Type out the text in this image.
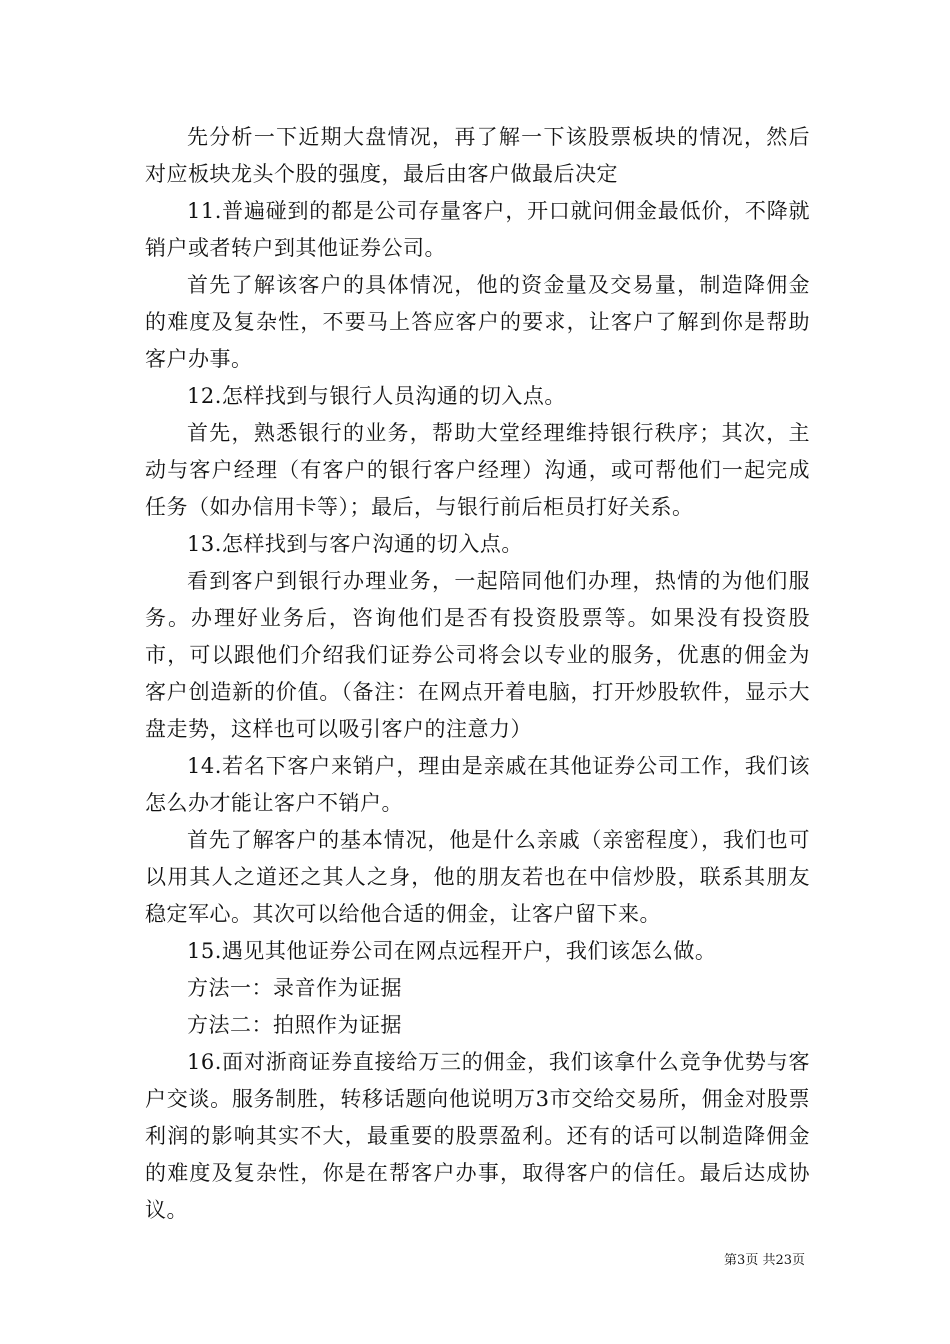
先分析一下近期大盘情况，再了解一下该股票板块的情况，然后对应板块龙头个股的强度，最后由客户做最后决定

11.普遍碰到的都是公司存量客户，开口就问佣金最低价，不降就销户或者转户到其他证券公司。

首先了解该客户的具体情况，他的资金量及交易量，制造降佣金的难度及复杂性，不要马上答应客户的要求，让客户了解到你是帮助客户办事。

12.怎样找到与银行人员沟通的切入点。

首先，熟悉银行的业务，帮助大堂经理维持银行秩序；其次，主动与客户经理（有客户的银行客户经理）沟通，或可帮他们一起完成任务（如办信用卡等）；最后，与银行前后柜员打好关系。

13.怎样找到与客户沟通的切入点。

看到客户到银行办理业务，一起陪同他们办理，热情的为他们服务。办理好业务后，咨询他们是否有投资股票等。如果没有投资股市，可以跟他们介绍我们证券公司将会以专业的服务，优惠的佣金为客户创造新的价值。（备注：在网点开着电脑，打开炒股软件，显示大盘走势，这样也可以吸引客户的注意力）

14.若名下客户来销户，理由是亲戚在其他证券公司工作，我们该怎么办才能让客户不销户。

首先了解客户的基本情况，他是什么亲戚（亲密程度），我们也可以用其人之道还之其人之身，他的朋友若也在中信炒股，联系其朋友稳定军心。其次可以给他合适的佣金，让客户留下来。

15.遇见其他证券公司在网点远程开户，我们该怎么做。

方法一：录音作为证据

方法二：拍照作为证据

16.面对浙商证券直接给万三的佣金，我们该拿什么竞争优势与客户交谈。服务制胜，转移话题向他说明万3市交给交易所，佣金对股票利润的影响其实不大，最重要的股票盈利。还有的话可以制造降佣金的难度及复杂性，你是在帮客户办事，取得客户的信任。最后达成协议。

第3页 共23页
